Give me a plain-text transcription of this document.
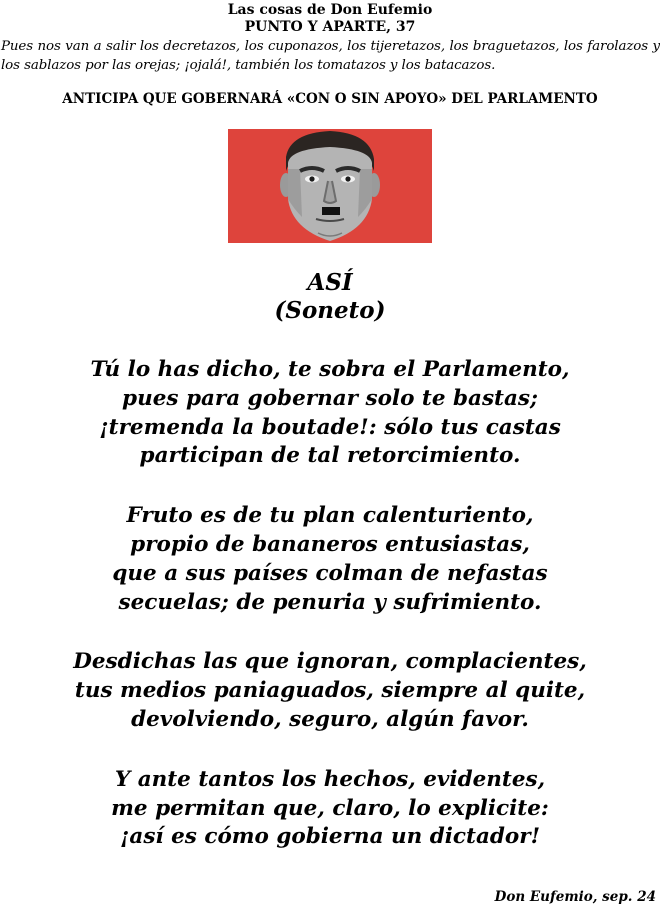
Las cosas de Don Eufemio
PUNTO Y APARTE, 37
Pues nos van a salir los decretazos, los cuponazos, los tijeretazos, los braguetazos, los farolazos y los sablazos por las orejas; ¡ojalá!, también los tomatazos y los batacazos.
ANTICIPA QUE GOBERNARÁ «CON O SIN APOYO» DEL PARLAMENTO
ASÍ
(Soneto)
Tú lo has dicho, te sobra el Parlamento,
pues para gobernar solo te bastas;
¡tremenda la boutade!: sólo tus castas
participan de tal retorcimiento.
Fruto es de tu plan calenturiento,
propio de bananeros entusiastas,
que a sus países colman de nefastas
secuelas; de penuria y sufrimiento.
Desdichas las que ignoran, complacientes,
tus medios paniaguados, siempre al quite,
devolviendo, seguro, algún favor.
Y ante tantos los hechos, evidentes,
me permitan que, claro, lo explicite:
¡así es cómo gobierna un dictador!
Don Eufemio, sep. 24
